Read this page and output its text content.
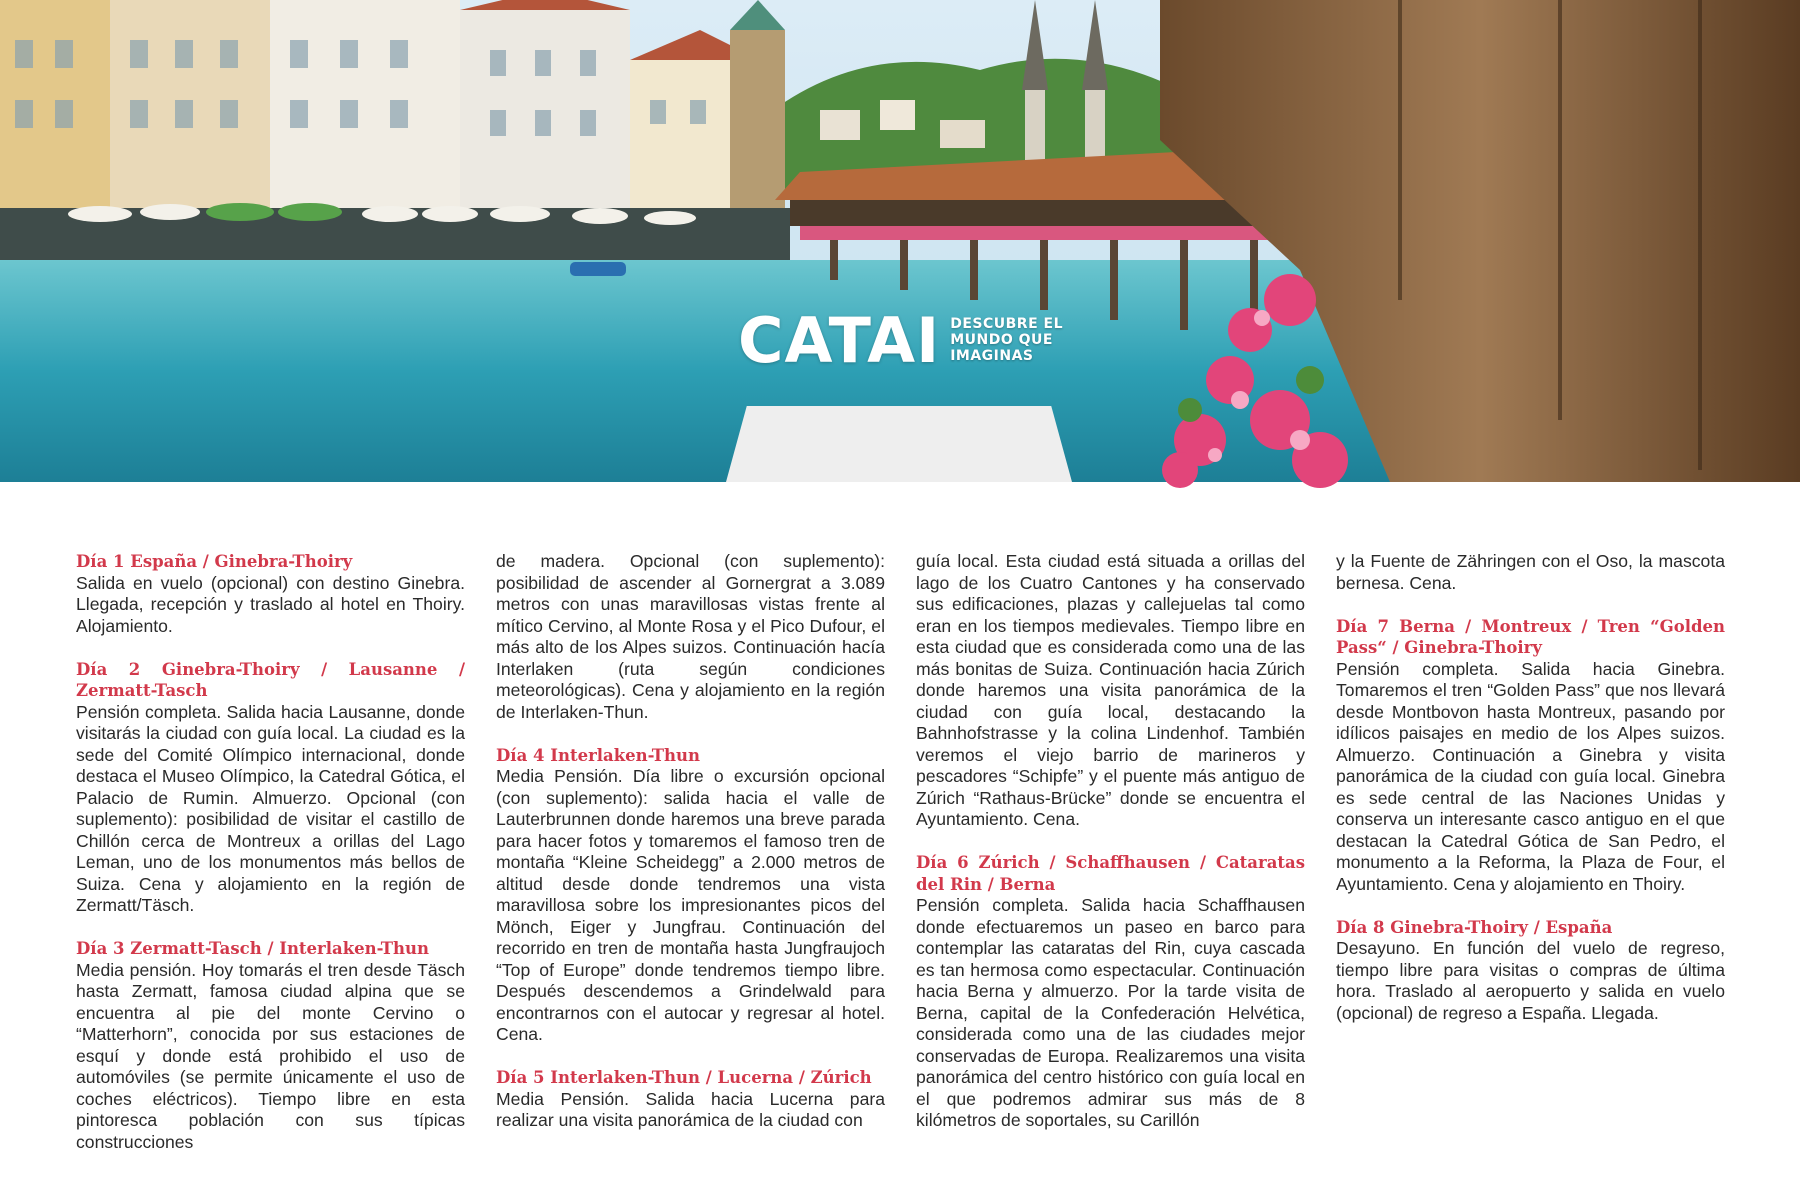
CATAI DESCUBRE EL
MUNDO QUE
IMAGINAS

Día 1 España / Ginebra-Thoiry

Salida en vuelo (opcional) con destino Ginebra. Llegada, recepción y traslado al hotel en Thoiry. Alojamiento.

Día 2 Ginebra-Thoiry / Lausanne / Zermatt-Tasch

Pensión completa. Salida hacia Lausanne, donde visitarás la ciudad con guía local. La ciudad es la sede del Comité Olímpico internacional, donde destaca el Museo Olímpico, la Catedral Gótica, el Palacio de Rumin. Almuerzo. Opcional (con suplemento): posibilidad de visitar el castillo de Chillón cerca de Montreux a orillas del Lago Leman, uno de los monumentos más bellos de Suiza. Cena y alojamiento en la región de Zermatt/Täsch.

Día 3 Zermatt-Tasch / Interlaken-Thun

Media pensión. Hoy tomarás el tren desde Täsch hasta Zermatt, famosa ciudad alpina que se encuentra al pie del monte Cervino o “Matterhorn”, conocida por sus estaciones de esquí y donde está prohibido el uso de automóviles (se permite únicamente el uso de coches eléctricos). Tiempo libre en esta pintoresca población con sus típicas construcciones

de madera. Opcional (con suplemento): posibilidad de ascender al Gornergrat a 3.089 metros con unas maravillosas vistas frente al mítico Cervino, al Monte Rosa y el Pico Dufour, el más alto de los Alpes suizos. Continuación hacía Interlaken (ruta según condiciones meteorológicas). Cena y alojamiento en la región de Interlaken-Thun.

Día 4 Interlaken-Thun

Media Pensión. Día libre o excursión opcional (con suplemento): salida hacia el valle de Lauterbrunnen donde haremos una breve parada para hacer fotos y tomaremos el famoso tren de montaña “Kleine Scheidegg” a 2.000 metros de altitud desde donde tendremos una vista maravillosa sobre los impresionantes picos del Mönch, Eiger y Jungfrau. Continuación del recorrido en tren de montaña hasta Jungfraujoch “Top of Europe” donde tendremos tiempo libre. Después descendemos a Grindelwald para encontrarnos con el autocar y regresar al hotel. Cena.

Día 5 Interlaken-Thun / Lucerna / Zúrich

Media Pensión. Salida hacia Lucerna para realizar una visita panorámica de la ciudad con

guía local. Esta ciudad está situada a orillas del lago de los Cuatro Cantones y ha conservado sus edificaciones, plazas y callejuelas tal como eran en los tiempos medievales. Tiempo libre en esta ciudad que es considerada como una de las más bonitas de Suiza. Continuación hacia Zúrich donde haremos una visita panorámica de la ciudad con guía local, destacando la Bahnhofstrasse y la colina Lindenhof. También veremos el viejo barrio de marineros y pescadores “Schipfe” y el puente más antiguo de Zúrich “Rathaus-Brücke” donde se encuentra el Ayuntamiento. Cena.

Día 6 Zúrich / Schaffhausen / Cataratas del Rin / Berna

Pensión completa. Salida hacia Schaffhausen donde efectuaremos un paseo en barco para contemplar las cataratas del Rin, cuya cascada es tan hermosa como espectacular. Continuación hacia Berna y almuerzo. Por la tarde visita de Berna, capital de la Confederación Helvética, considerada como una de las ciudades mejor conservadas de Europa. Realizaremos una visita panorámica del centro histórico con guía local en el que podremos admirar sus más de 8 kilómetros de soportales, su Carillón

y la Fuente de Zähringen con el Oso, la mascota bernesa. Cena.

Día 7 Berna / Montreux / Tren “Golden Pass“ / Ginebra-Thoiry

Pensión completa. Salida hacia Ginebra. Tomaremos el tren “Golden Pass” que nos llevará desde Montbovon hasta Montreux, pasando por idílicos paisajes en medio de los Alpes suizos. Almuerzo. Continuación a Ginebra y visita panorámica de la ciudad con guía local. Ginebra es sede central de las Naciones Unidas y conserva un interesante casco antiguo en el que destacan la Catedral Gótica de San Pedro, el monumento a la Reforma, la Plaza de Four, el Ayuntamiento. Cena y alojamiento en Thoiry.

Día 8 Ginebra-Thoiry / España

Desayuno. En función del vuelo de regreso, tiempo libre para visitas o compras de última hora. Traslado al aeropuerto y salida en vuelo (opcional) de regreso a España. Llegada.
